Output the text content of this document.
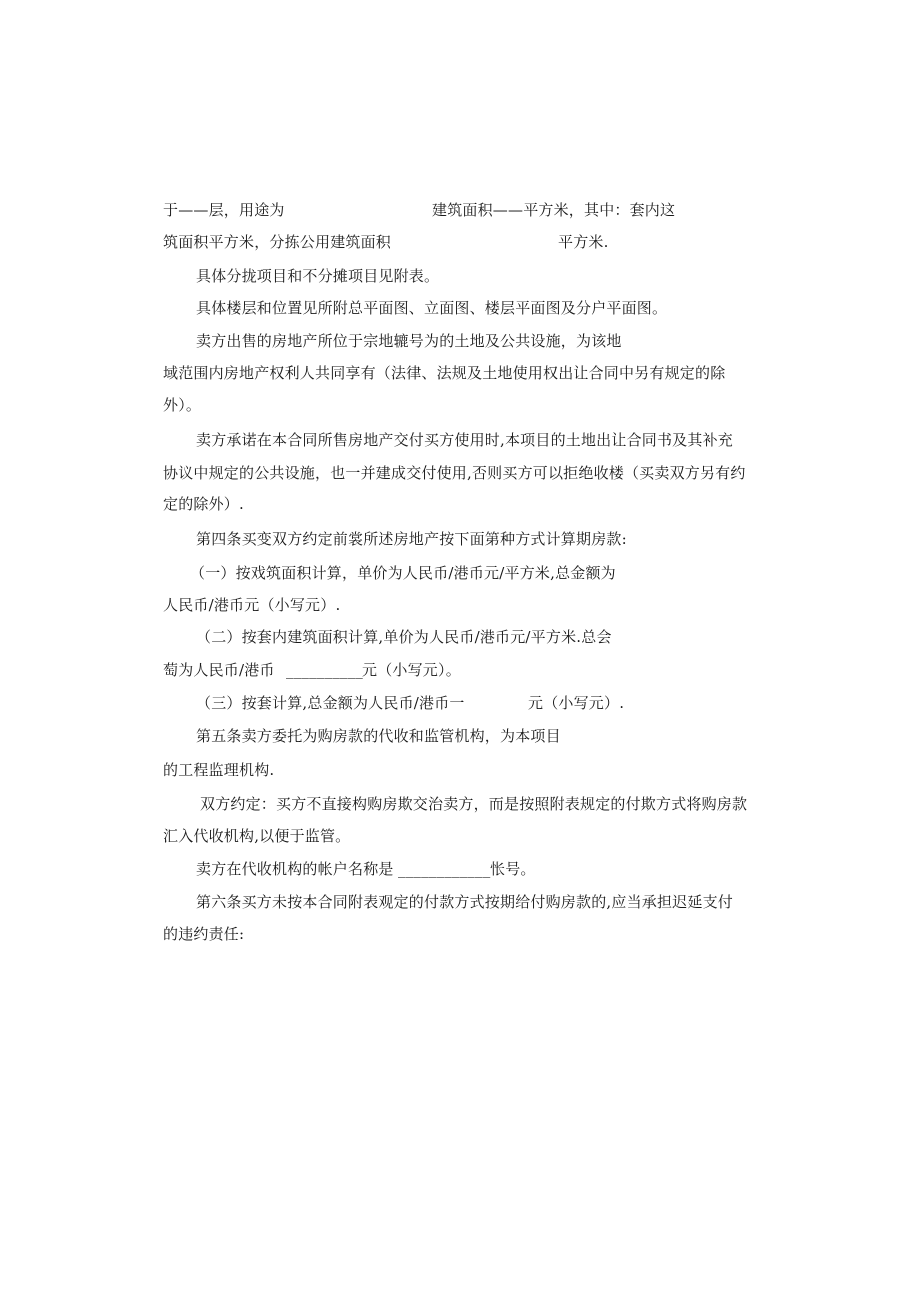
于——层，用途为	建筑面积——平方米，其中：套内这
筑面积平方米，分拣公用建筑面积	平方米.
具体分拢项目和不分摊项目见附表。
具体楼层和位置见所附总平面图、立面图、楼层平面图及分户平面图。
卖方出售的房地产所位于宗地辘号为的土地及公共设施，为该地
域范围内房地产权利人共同享有（法律、法规及土地使用权出让合同中另有规定的除
外）。
卖方承诺在本合同所售房地产交付买方使用时,本项目的土地出让合同书及其补充
协议中规定的公共设施，也一并建成交付使用,否则买方可以拒绝收楼（买卖双方另有约
定的除外）.
第四条买变双方约定前裳所述房地产按下面第种方式计算期房款:
（一）按戏筑面积计算，单价为人民币/港币元/平方米,总金额为
人民币/港币元（小写元）.
（二）按套内建筑面积计算,单价为人民币/港币元/平方米.总会
萄为人民币/港币 __________ 元（小写元）。
（三）按套计算,总金额为人民币/港币一	元（小写元）.
第五条卖方委托为购房款的代收和监管机构，为本项目
的工程监理机构.
双方约定：买方不直接构购房欺交治卖方，而是按照附表规定的付欺方式将购房款
汇入代收机构,以便于监管。
卖方在代收机构的帐户名称是 ____________ 怅号。
第六条买方未按本合同附表观定的付款方式按期给付购房款的,应当承担迟延支付
的违约责任:
